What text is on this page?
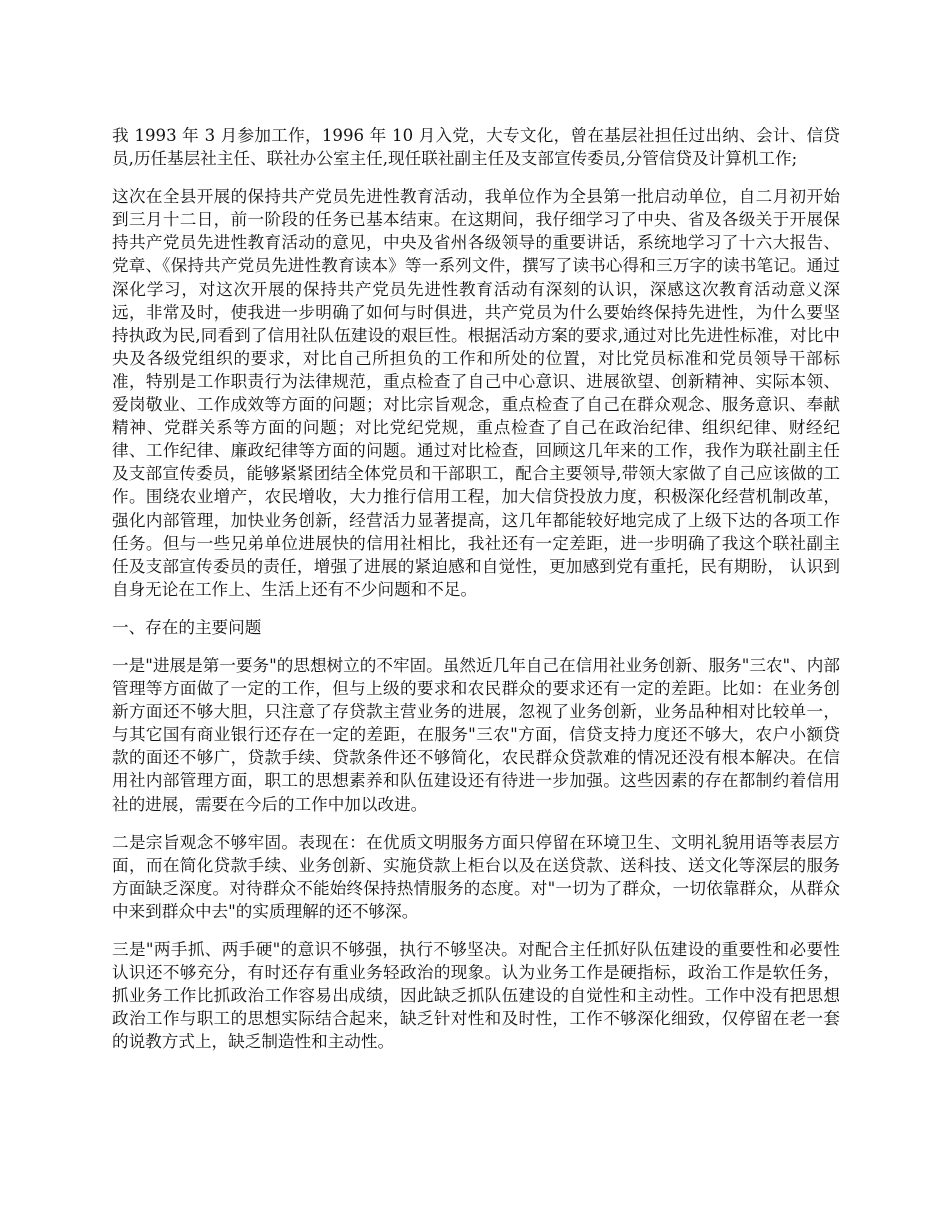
我 1993 年 3 月参加工作，1996 年 10 月入党，大专文化，曾在基层社担任过出纳、会计、信贷员,历任基层社主任、联社办公室主任,现任联社副主任及支部宣传委员,分管信贷及计算机工作;

这次在全县开展的保持共产党员先进性教育活动，我单位作为全县第一批启动单位，自二月初开始到三月十二日，前一阶段的任务已基本结束。在这期间，我仔细学习了中央、省及各级关于开展保持共产党员先进性教育活动的意见，中央及省州各级领导的重要讲话，系统地学习了十六大报告、党章、《保持共产党员先进性教育读本》等一系列文件，撰写了读书心得和三万字的读书笔记。通过深化学习，对这次开展的保持共产党员先进性教育活动有深刻的认识，深感这次教育活动意义深远，非常及时，使我进一步明确了如何与时俱进，共产党员为什么要始终保持先进性，为什么要坚持执政为民,同看到了信用社队伍建设的艰巨性。根据活动方案的要求,通过对比先进性标准，对比中央及各级党组织的要求，对比自己所担负的工作和所处的位置，对比党员标准和党员领导干部标准，特别是工作职责行为法律规范，重点检查了自己中心意识、进展欲望、创新精神、实际本领、爱岗敬业、工作成效等方面的问题；对比宗旨观念，重点检查了自己在群众观念、服务意识、奉献精神、党群关系等方面的问题；对比党纪党规，重点检查了自己在政治纪律、组织纪律、财经纪律、工作纪律、廉政纪律等方面的问题。通过对比检查，回顾这几年来的工作，我作为联社副主任及支部宣传委员，能够紧紧团结全体党员和干部职工，配合主要领导,带领大家做了自己应该做的工作。围绕农业增产，农民增收，大力推行信用工程，加大信贷投放力度，积极深化经营机制改革，强化内部管理，加快业务创新，经营活力显著提高，这几年都能较好地完成了上级下达的各项工作任务。但与一些兄弟单位进展快的信用社相比，我社还有一定差距，进一步明确了我这个联社副主任及支部宣传委员的责任，增强了进展的紧迫感和自觉性，更加感到党有重托，民有期盼， 认识到自身无论在工作上、生活上还有不少问题和不足。

一、存在的主要问题

一是"进展是第一要务"的思想树立的不牢固。虽然近几年自己在信用社业务创新、服务"三农"、内部管理等方面做了一定的工作，但与上级的要求和农民群众的要求还有一定的差距。比如：在业务创新方面还不够大胆，只注意了存贷款主营业务的进展，忽视了业务创新，业务品种相对比较单一，与其它国有商业银行还存在一定的差距，在服务"三农"方面，信贷支持力度还不够大，农户小额贷款的面还不够广，贷款手续、贷款条件还不够简化，农民群众贷款难的情况还没有根本解决。在信用社内部管理方面，职工的思想素养和队伍建设还有待进一步加强。这些因素的存在都制约着信用社的进展，需要在今后的工作中加以改进。

二是宗旨观念不够牢固。表现在：在优质文明服务方面只停留在环境卫生、文明礼貌用语等表层方面，而在简化贷款手续、业务创新、实施贷款上柜台以及在送贷款、送科技、送文化等深层的服务方面缺乏深度。对待群众不能始终保持热情服务的态度。对"一切为了群众，一切依靠群众，从群众中来到群众中去"的实质理解的还不够深。

三是"两手抓、两手硬"的意识不够强，执行不够坚决。对配合主任抓好队伍建设的重要性和必要性认识还不够充分，有时还存有重业务轻政治的现象。认为业务工作是硬指标，政治工作是软任务，抓业务工作比抓政治工作容易出成绩，因此缺乏抓队伍建设的自觉性和主动性。工作中没有把思想政治工作与职工的思想实际结合起来，缺乏针对性和及时性，工作不够深化细致，仅停留在老一套的说教方式上，缺乏制造性和主动性。
